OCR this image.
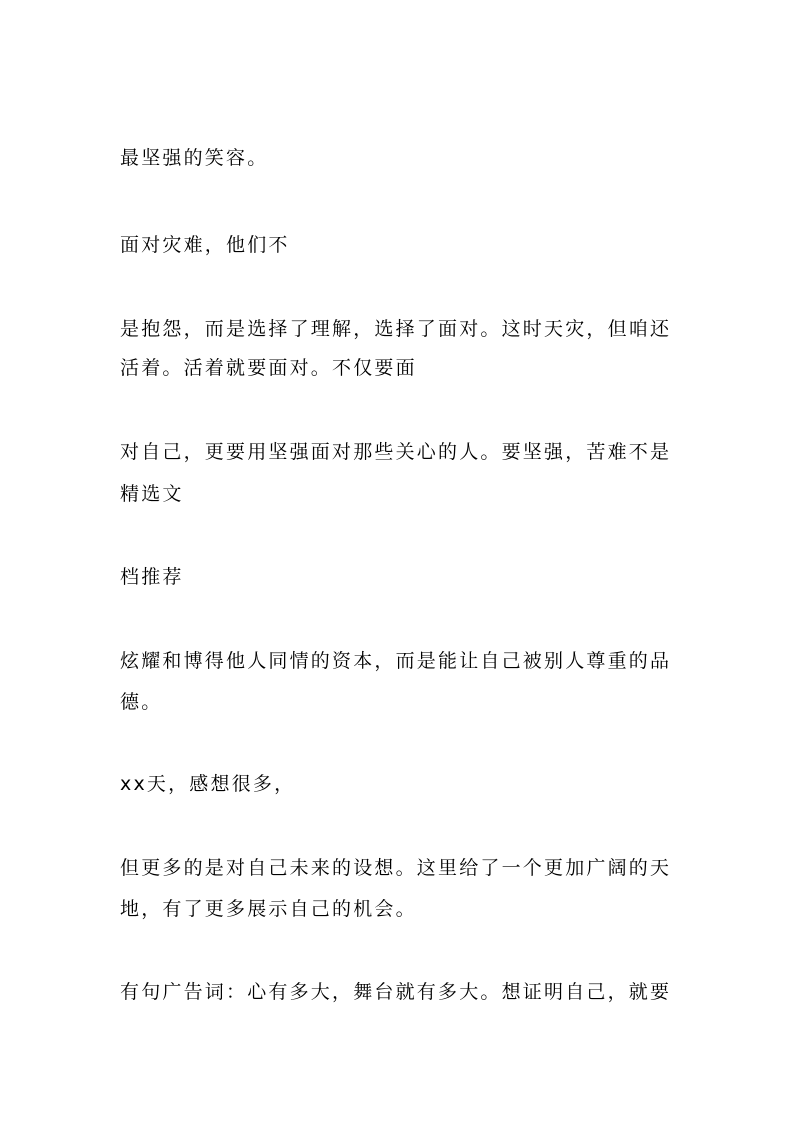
最坚强的笑容。
面对灾难，他们不
是抱怨，而是选择了理解，选择了面对。这时天灾，但咱还
活着。活着就要面对。不仅要面
对自己，更要用坚强面对那些关心的人。要坚强，苦难不是
精选文
档推荐
炫耀和博得他人同情的资本，而是能让自己被别人尊重的品
德。
xx天，感想很多，
但更多的是对自己未来的设想。这里给了一个更加广阔的天
地，有了更多展示自己的机会。
有句广告词：心有多大，舞台就有多大。想证明自己，就要
